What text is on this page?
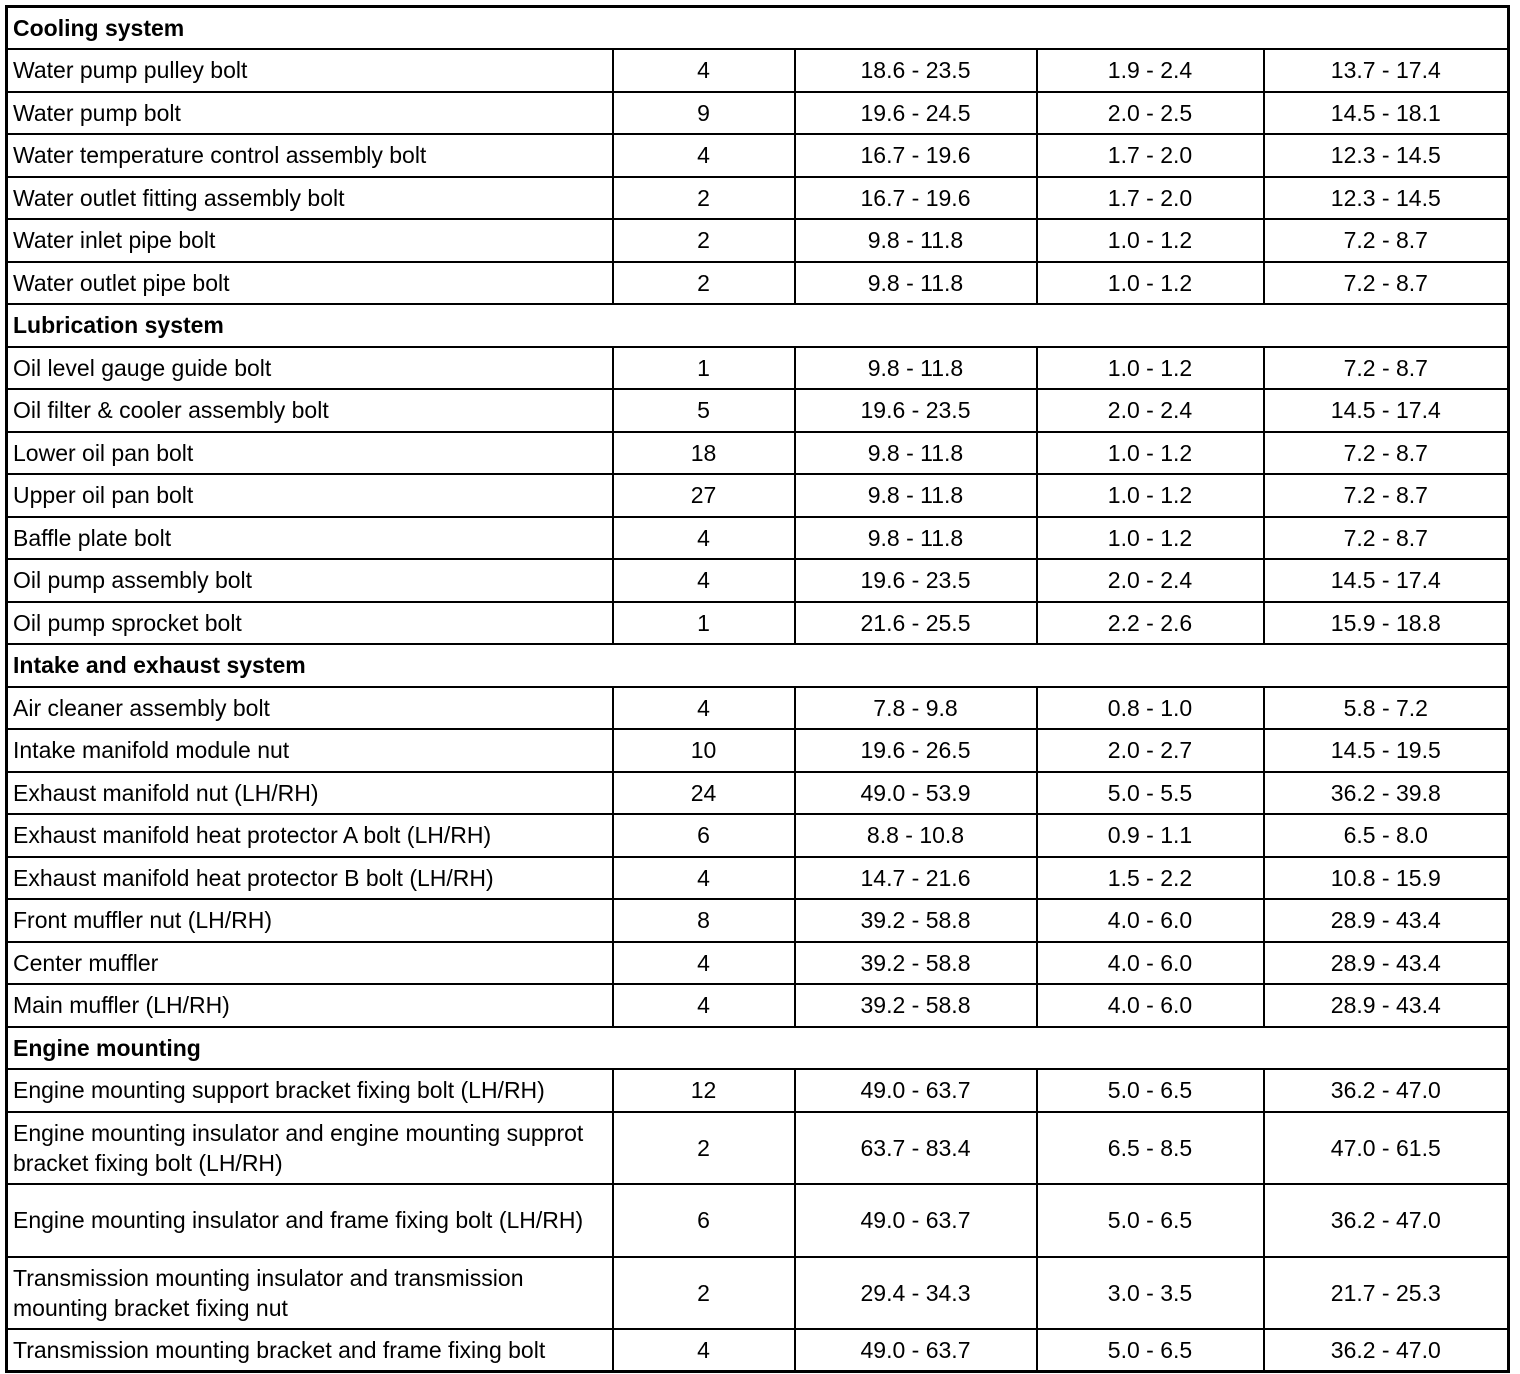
Cooling system				
Water pump pulley bolt	4	18.6 - 23.5	1.9 - 2.4	13.7 - 17.4
Water pump bolt	9	19.6 - 24.5	2.0 - 2.5	14.5 - 18.1
Water temperature control assembly bolt	4	16.7 - 19.6	1.7 - 2.0	12.3 - 14.5
Water outlet fitting assembly bolt	2	16.7 - 19.6	1.7 - 2.0	12.3 - 14.5
Water inlet pipe bolt	2	9.8 - 11.8	1.0 - 1.2	7.2 - 8.7
Water outlet pipe bolt	2	9.8 - 11.8	1.0 - 1.2	7.2 - 8.7
Lubrication system				
Oil level gauge guide bolt	1	9.8 - 11.8	1.0 - 1.2	7.2 - 8.7
Oil filter & cooler assembly bolt	5	19.6 - 23.5	2.0 - 2.4	14.5 - 17.4
Lower oil pan bolt	18	9.8 - 11.8	1.0 - 1.2	7.2 - 8.7
Upper oil pan bolt	27	9.8 - 11.8	1.0 - 1.2	7.2 - 8.7
Baffle plate bolt	4	9.8 - 11.8	1.0 - 1.2	7.2 - 8.7
Oil pump assembly bolt	4	19.6 - 23.5	2.0 - 2.4	14.5 - 17.4
Oil pump sprocket bolt	1	21.6 - 25.5	2.2 - 2.6	15.9 - 18.8
Intake and exhaust system				
Air cleaner assembly bolt	4	7.8 - 9.8	0.8 - 1.0	5.8 - 7.2
Intake manifold module nut	10	19.6 - 26.5	2.0 - 2.7	14.5 - 19.5
Exhaust manifold nut (LH/RH)	24	49.0 - 53.9	5.0 - 5.5	36.2 - 39.8
Exhaust manifold heat protector A bolt (LH/RH)	6	8.8 - 10.8	0.9 - 1.1	6.5 - 8.0
Exhaust manifold heat protector B bolt (LH/RH)	4	14.7 - 21.6	1.5 - 2.2	10.8 - 15.9
Front muffler nut (LH/RH)	8	39.2 - 58.8	4.0 - 6.0	28.9 - 43.4
Center muffler	4	39.2 - 58.8	4.0 - 6.0	28.9 - 43.4
Main muffler (LH/RH)	4	39.2 - 58.8	4.0 - 6.0	28.9 - 43.4
Engine mounting				
Engine mounting support bracket fixing bolt (LH/RH)	12	49.0 - 63.7	5.0 - 6.5	36.2 - 47.0
Engine mounting insulator and engine mounting supprot bracket fixing bolt (LH/RH)	2	63.7 - 83.4	6.5 - 8.5	47.0 - 61.5
Engine mounting insulator and frame fixing bolt (LH/RH)	6	49.0 - 63.7	5.0 - 6.5	36.2 - 47.0
Transmission mounting insulator and transmission mounting bracket fixing nut	2	29.4 - 34.3	3.0 - 3.5	21.7 - 25.3
Transmission mounting bracket and frame fixing bolt	4	49.0 - 63.7	5.0 - 6.5	36.2 - 47.0
